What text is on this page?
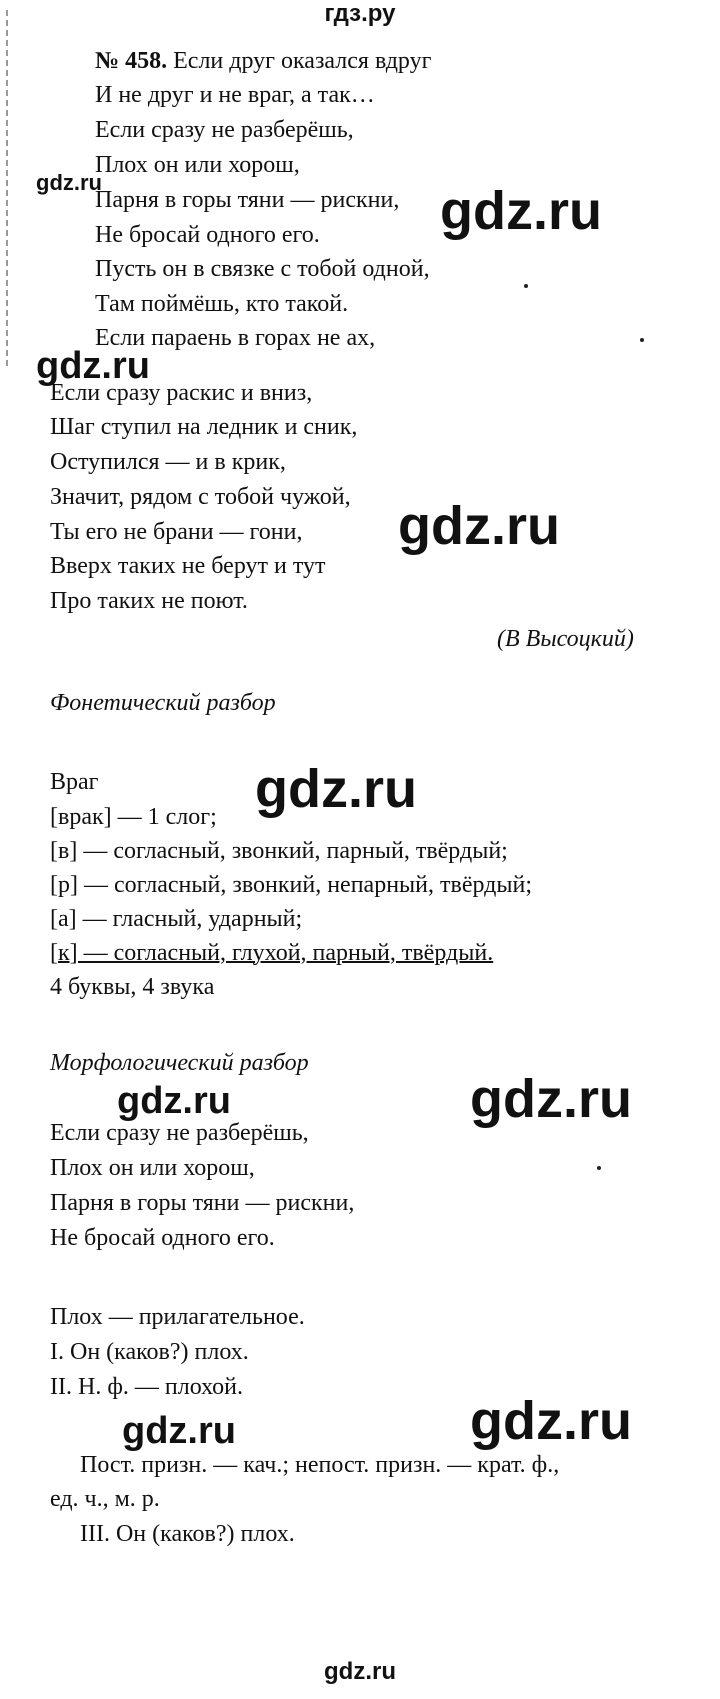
гдз.ру
№ 458. Если друг оказался вдруг
И не друг и не враг, а так…
Если сразу не разберёшь,
Плох он или хорош,
Парня в горы тяни — рискни,
Не бросай одного его.
Пусть он в связке с тобой одной,
Там поймёшь, кто такой.
Если параень в горах не ах,
Если сразу раскис и вниз,
Шаг ступил на ледник и сник,
Оступился — и в крик,
Значит, рядом с тобой чужой,
Ты его не брани — гони,
Вверх таких не берут и тут
Про таких не поют.
(В Высоцкий)
Фонетический разбор
Враг
[врак] — 1 слог;
[в] — согласный, звонкий, парный, твёрдый;
[р] — согласный, звонкий, непарный, твёрдый;
[а] — гласный, ударный;
[к] — согласный, глухой, парный, твёрдый.
4 буквы, 4 звука
Морфологический разбор
Если сразу не разберёшь,
Плох он или хорош,
Парня в горы тяни — рискни,
Не бросай одного его.
Плох — прилагательное.
I. Он (каков?) плох.
II. Н. ф. — плохой.
Пост. призн. — кач.; непост. призн. — крат. ф.,
ед. ч., м. р.
III. Он (каков?) плох.
gdz.ru	gdz.ru
gdz.ru
gdz.ru
gdz.ru
gdz.ru	gdz.ru
gdz.ru
gdz.ru
gdz.ru
